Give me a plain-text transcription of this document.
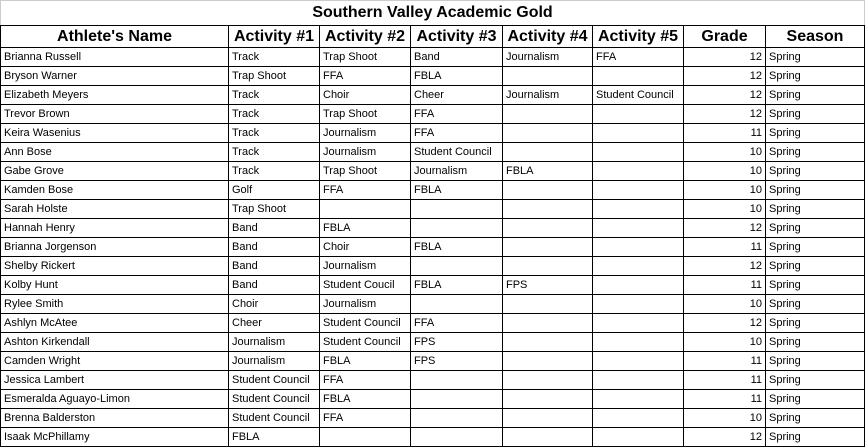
Southern Valley Academic Gold							
Athlete's Name	Activity #1	Activity #2	Activity #3	Activity #4	Activity #5	Grade	Season
Brianna Russell	Track	Trap Shoot	Band	Journalism	FFA	12	Spring
Bryson Warner	Trap Shoot	FFA	FBLA			12	Spring
Elizabeth Meyers	Track	Choir	Cheer	Journalism	Student Council	12	Spring
Trevor Brown	Track	Trap Shoot	FFA			12	Spring
Keira Wasenius	Track	Journalism	FFA			11	Spring
Ann Bose	Track	Journalism	Student Council			10	Spring
Gabe Grove	Track	Trap Shoot	Journalism	FBLA		10	Spring
Kamden Bose	Golf	FFA	FBLA			10	Spring
Sarah Holste	Trap Shoot					10	Spring
Hannah Henry	Band	FBLA				12	Spring
Brianna Jorgenson	Band	Choir	FBLA			11	Spring
Shelby Rickert	Band	Journalism				12	Spring
Kolby Hunt	Band	Student Coucil	FBLA	FPS		11	Spring
Rylee Smith	Choir	Journalism				10	Spring
Ashlyn McAtee	Cheer	Student Council	FFA			12	Spring
Ashton Kirkendall	Journalism	Student Council	FPS			10	Spring
Camden Wright	Journalism	FBLA	FPS			11	Spring
Jessica Lambert	Student Council	FFA				11	Spring
Esmeralda Aguayo-Limon	Student Council	FBLA				11	Spring
Brenna Balderston	Student Council	FFA				10	Spring
Isaak McPhillamy	FBLA					12	Spring
